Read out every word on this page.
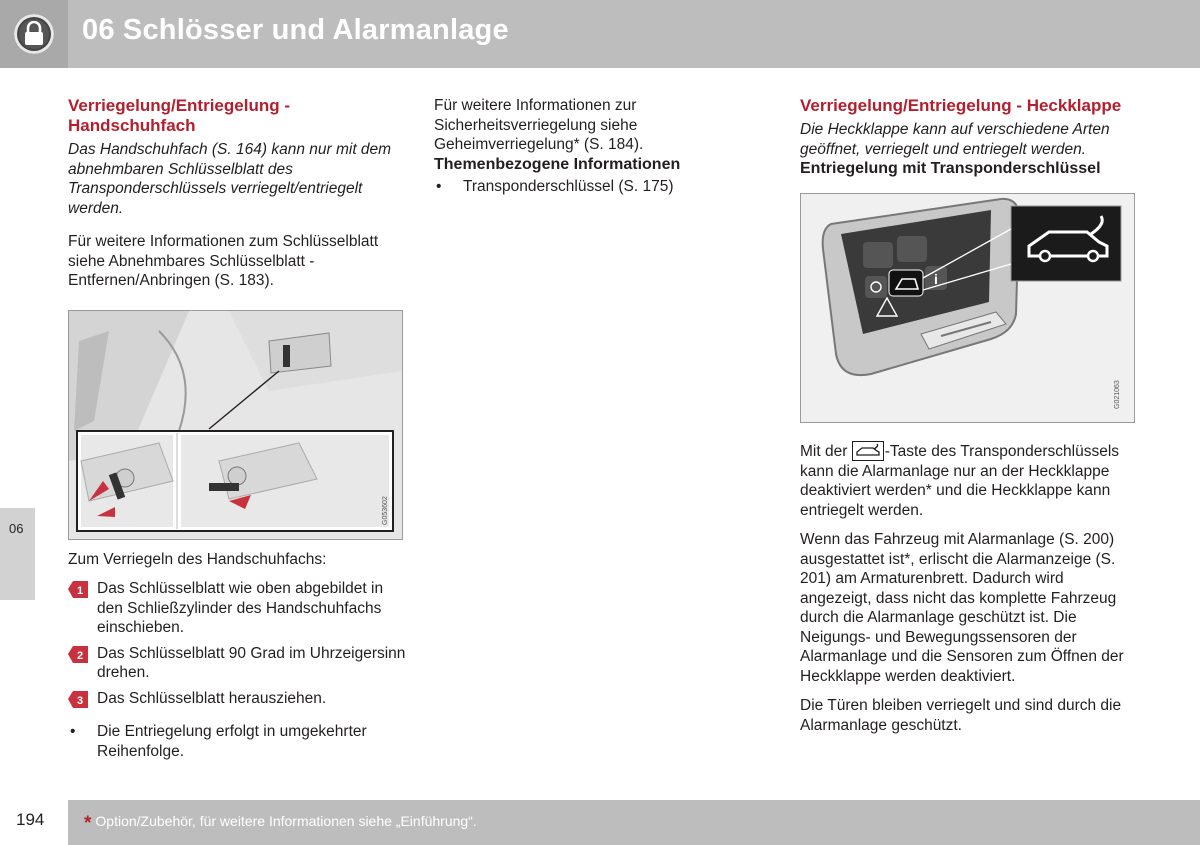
06 Schlösser und Alarmanlage
06
Verriegelung/Entriegelung - Handschuhfach

Das Handschuhfach (S. 164) kann nur mit dem abnehmbaren Schlüsselblatt des Transponderschlüssels verriegelt/entriegelt werden.

Für weitere Informationen zum Schlüsselblatt siehe Abnehmbares Schlüsselblatt - Entfernen/Anbringen (S. 183).

G053602

Zum Verriegeln des Handschuhfachs:

1 Das Schlüsselblatt wie oben abgebildet in den Schließzylinder des Handschuhfachs einschieben.
2 Das Schlüsselblatt 90 Grad im Uhrzeigersinn drehen.
3 Das Schlüsselblatt herausziehen.
• Die Entriegelung erfolgt in umgekehrter Reihenfolge.

Für weitere Informationen zur Sicherheitsverriegelung siehe Geheimverriegelung* (S. 184).

Themenbezogene Informationen
• Transponderschlüssel (S. 175)
Verriegelung/Entriegelung - Heckklappe

Die Heckklappe kann auf verschiedene Arten geöffnet, verriegelt und entriegelt werden.

Entriegelung mit Transponderschlüssel
i
G021063

Mit der -Taste des Transponderschlüssels kann die Alarmanlage nur an der Heckklappe deaktiviert werden* und die Heckklappe kann entriegelt werden.

Wenn das Fahrzeug mit Alarmanlage (S. 200) ausgestattet ist*, erlischt die Alarmanzeige (S. 201) am Armaturenbrett. Dadurch wird angezeigt, dass nicht das komplette Fahrzeug durch die Alarmanlage geschützt ist. Die Neigungs- und Bewegungssensoren der Alarmanlage und die Sensoren zum Öffnen der Heckklappe werden deaktiviert.

Die Türen bleiben verriegelt und sind durch die Alarmanlage geschützt.

194 * Option/Zubehör, für weitere Informationen siehe „Einführung“.
